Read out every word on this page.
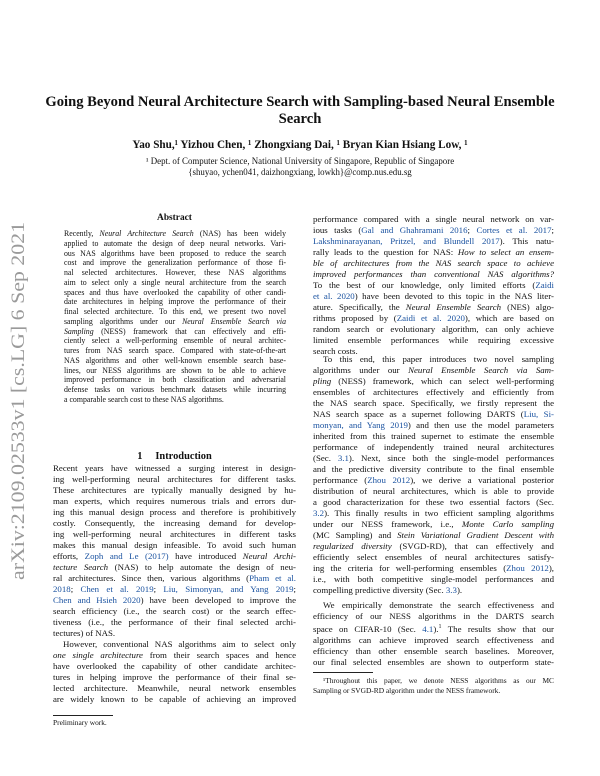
arXiv:2109.02533v1 [cs.LG] 6 Sep 2021
Going Beyond Neural Architecture Search with Sampling-based Neural Ensemble
Search
Yao Shu,¹ Yizhou Chen, ¹ Zhongxiang Dai, ¹ Bryan Kian Hsiang Low, ¹
¹ Dept. of Computer Science, National University of Singapore, Republic of Singapore
{shuyao, ychen041, daizhongxiang, lowkh}@comp.nus.edu.sg
Abstract
Recently, Neural Architecture Search (NAS) has been widely
applied to automate the design of deep neural networks. Vari-
ous NAS algorithms have been proposed to reduce the search
cost and improve the generalization performance of those fi-
nal selected architectures. However, these NAS algorithms
aim to select only a single neural architecture from the search
spaces and thus have overlooked the capability of other candi-
date architectures in helping improve the performance of their
final selected architecture. To this end, we present two novel
sampling algorithms under our Neural Ensemble Search via
Sampling (NESS) framework that can effectively and effi-
ciently select a well-performing ensemble of neural architec-
tures from NAS search space. Compared with state-of-the-art
NAS algorithms and other well-known ensemble search base-
lines, our NESS algorithms are shown to be able to achieve
improved performance in both classification and adversarial
defense tasks on various benchmark datasets while incurring
a comparable search cost to these NAS algorithms.
1     Introduction
Recent years have witnessed a surging interest in design-
ing well-performing neural architectures for different tasks.
These architectures are typically manually designed by hu-
man experts, which requires numerous trials and errors dur-
ing this manual design process and therefore is prohibitively
costly. Consequently, the increasing demand for develop-
ing well-performing neural architectures in different tasks
makes this manual design infeasible. To avoid such human
efforts, Zoph and Le (2017) have introduced Neural Archi-
tecture Search (NAS) to help automate the design of neu-
ral architectures. Since then, various algorithms (Pham et al.
2018; Chen et al. 2019; Liu, Simonyan, and Yang 2019;
Chen and Hsieh 2020) have been developed to improve the
search efficiency (i.e., the search cost) or the search effec-
tiveness (i.e., the performance of their final selected archi-
tectures) of NAS.
However, conventional NAS algorithms aim to select only
one single architecture from their search spaces and hence
have overlooked the capability of other candidate architec-
tures in helping improve the performance of their final se-
lected architecture. Meanwhile, neural network ensembles
are widely known to be capable of achieving an improved
Preliminary work.
performance compared with a single neural network on var-
ious tasks (Gal and Ghahramani 2016; Cortes et al. 2017;
Lakshminarayanan, Pritzel, and Blundell 2017). This natu-
rally leads to the question for NAS: How to select an ensem-
ble of architectures from the NAS search space to achieve
improved performances than conventional NAS algorithms?
To the best of our knowledge, only limited efforts (Zaidi
et al. 2020) have been devoted to this topic in the NAS liter-
ature. Specifically, the Neural Ensemble Search (NES) algo-
rithms proposed by (Zaidi et al. 2020), which are based on
random search or evolutionary algorithm, can only achieve
limited ensemble performances while requiring excessive
search costs.
To this end, this paper introduces two novel sampling
algorithms under our Neural Ensemble Search via Sam-
pling (NESS) framework, which can select well-performing
ensembles of architectures effectively and efficiently from
the NAS search space. Specifically, we firstly represent the
NAS search space as a supernet following DARTS (Liu, Si-
monyan, and Yang 2019) and then use the model parameters
inherited from this trained supernet to estimate the ensemble
performance of independently trained neural architectures
(Sec. 3.1). Next, since both the single-model performances
and the predictive diversity contribute to the final ensemble
performance (Zhou 2012), we derive a variational posterior
distribution of neural architectures, which is able to provide
a good characterization for these two essential factors (Sec.
3.2). This finally results in two efficient sampling algorithms
under our NESS framework, i.e., Monte Carlo sampling
(MC Sampling) and Stein Variational Gradient Descent with
regularized diversity (SVGD-RD), that can effectively and
efficiently select ensembles of neural architectures satisfy-
ing the criteria for well-performing ensembles (Zhou 2012),
i.e., with both competitive single-model performances and
compelling predictive diversity (Sec. 3.3).
We empirically demonstrate the search effectiveness and
efficiency of our NESS algorithms in the DARTS search
space on CIFAR-10 (Sec. 4.1).$^1$ The results show that our
algorithms can achieve improved search effectiveness and
efficiency than other ensemble search baselines. Moreover,
our final selected ensembles are shown to outperform state-
¹Throughout this paper, we denote NESS algorithms as our MC
Sampling or SVGD-RD algorithm under the NESS framework.
